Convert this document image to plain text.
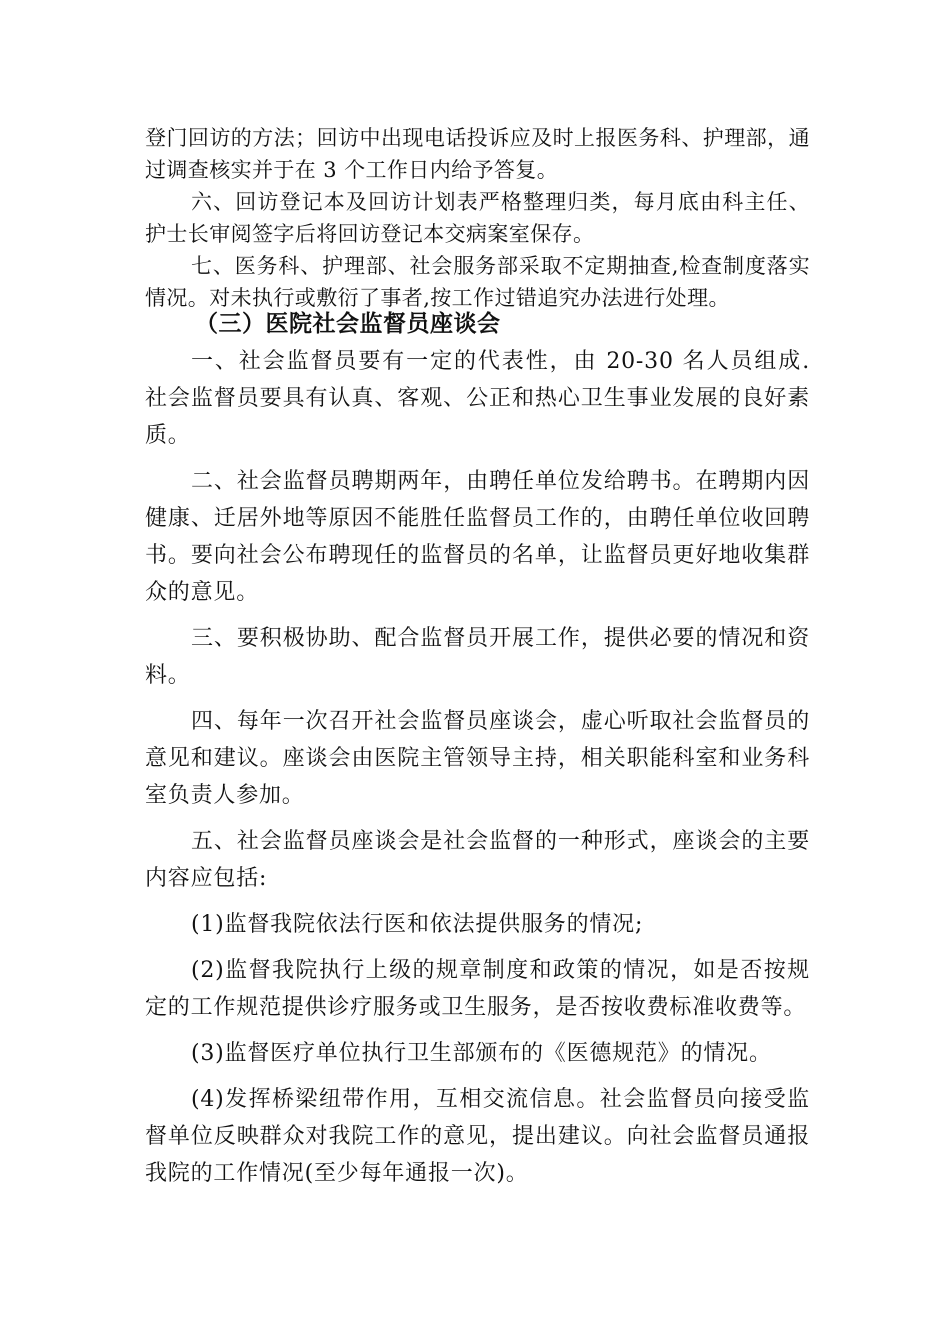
登门回访的方法；回访中出现电话投诉应及时上报医务科、护理部，通过调查核实并于在 3 个工作日内给予答复。

六、回访登记本及回访计划表严格整理归类，每月底由科主任、护士长审阅签字后将回访登记本交病案室保存。

七、医务科、护理部、社会服务部采取不定期抽查,检查制度落实情况。对未执行或敷衍了事者,按工作过错追究办法进行处理。

（三）医院社会监督员座谈会

一、社会监督员要有一定的代表性，由 20-30 名人员组成. 社会监督员要具有认真、客观、公正和热心卫生事业发展的良好素质。

二、社会监督员聘期两年，由聘任单位发给聘书。在聘期内因健康、迁居外地等原因不能胜任监督员工作的，由聘任单位收回聘书。要向社会公布聘现任的监督员的名单，让监督员更好地收集群众的意见。

三、要积极协助、配合监督员开展工作，提供必要的情况和资料。

四、每年一次召开社会监督员座谈会，虚心听取社会监督员的意见和建议。座谈会由医院主管领导主持，相关职能科室和业务科室负责人参加。

五、社会监督员座谈会是社会监督的一种形式，座谈会的主要内容应包括:

(1)监督我院依法行医和依法提供服务的情况;

(2)监督我院执行上级的规章制度和政策的情况，如是否按规定的工作规范提供诊疗服务或卫生服务，是否按收费标准收费等。

(3)监督医疗单位执行卫生部颁布的《医德规范》的情况。

(4)发挥桥梁纽带作用，互相交流信息。社会监督员向接受监督单位反映群众对我院工作的意见，提出建议。向社会监督员通报我院的工作情况(至少每年通报一次)。
